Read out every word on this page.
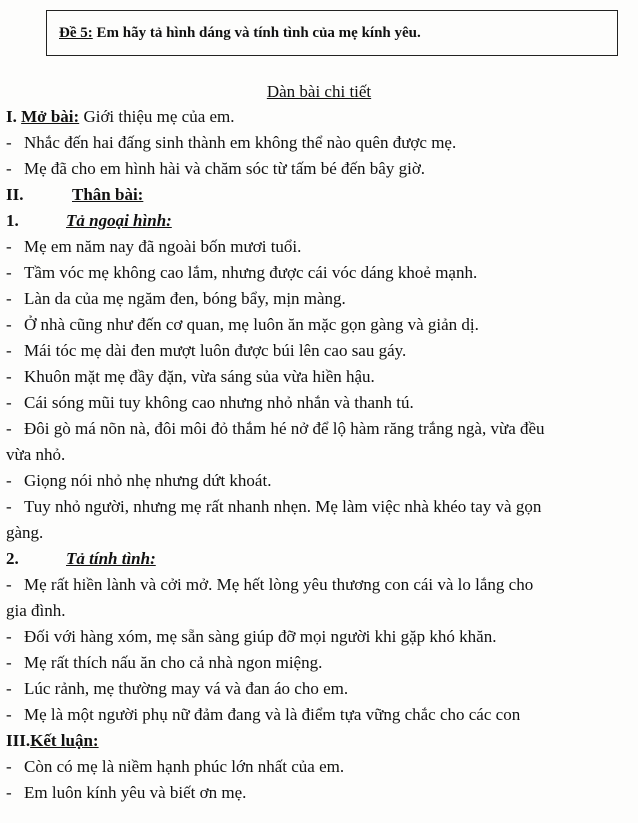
Đề 5: Em hãy tả hình dáng và tính tình của mẹ kính yêu.
Dàn bài chi tiết
I. Mở bài: Giới thiệu mẹ của em.
- Nhắc đến hai đấng sinh thành em không thể nào quên được mẹ.
- Mẹ đã cho em hình hài và chăm sóc từ tấm bé đến bây giờ.
II.	Thân bài:
1.	Tả ngoại hình:
- Mẹ em năm nay đã ngoài bốn mươi tuổi.
- Tầm vóc mẹ không cao lắm, nhưng được cái vóc dáng khoẻ mạnh.
- Làn da của mẹ ngăm đen, bóng bẩy, mịn màng.
- Ở nhà cũng như đến cơ quan, mẹ luôn ăn mặc gọn gàng và giản dị.
- Mái tóc mẹ dài đen mượt luôn được búi lên cao sau gáy.
- Khuôn mặt mẹ đầy đặn, vừa sáng sủa vừa hiền hậu.
- Cái sóng mũi tuy không cao nhưng nhỏ nhắn và thanh tú.
- Đôi gò má nõn nà, đôi môi đỏ thắm hé nở để lộ hàm răng trắng ngà, vừa đều
vừa nhỏ.
- Giọng nói nhỏ nhẹ nhưng dứt khoát.
- Tuy nhỏ người, nhưng mẹ rất nhanh nhẹn. Mẹ làm việc nhà khéo tay và gọn
gàng.
2.	Tả tính tình:
- Mẹ rất hiền lành và cởi mở. Mẹ hết lòng yêu thương con cái và lo lắng cho
gia đình.
- Đối với hàng xóm, mẹ sẵn sàng giúp đỡ mọi người khi gặp khó khăn.
- Mẹ rất thích nấu ăn cho cả nhà ngon miệng.
- Lúc rảnh, mẹ thường may vá và đan áo cho em.
- Mẹ là một người phụ nữ đảm đang và là điểm tựa vững chắc cho các con
III.Kết luận:
- Còn có mẹ là niềm hạnh phúc lớn nhất của em.
- Em luôn kính yêu và biết ơn mẹ.
